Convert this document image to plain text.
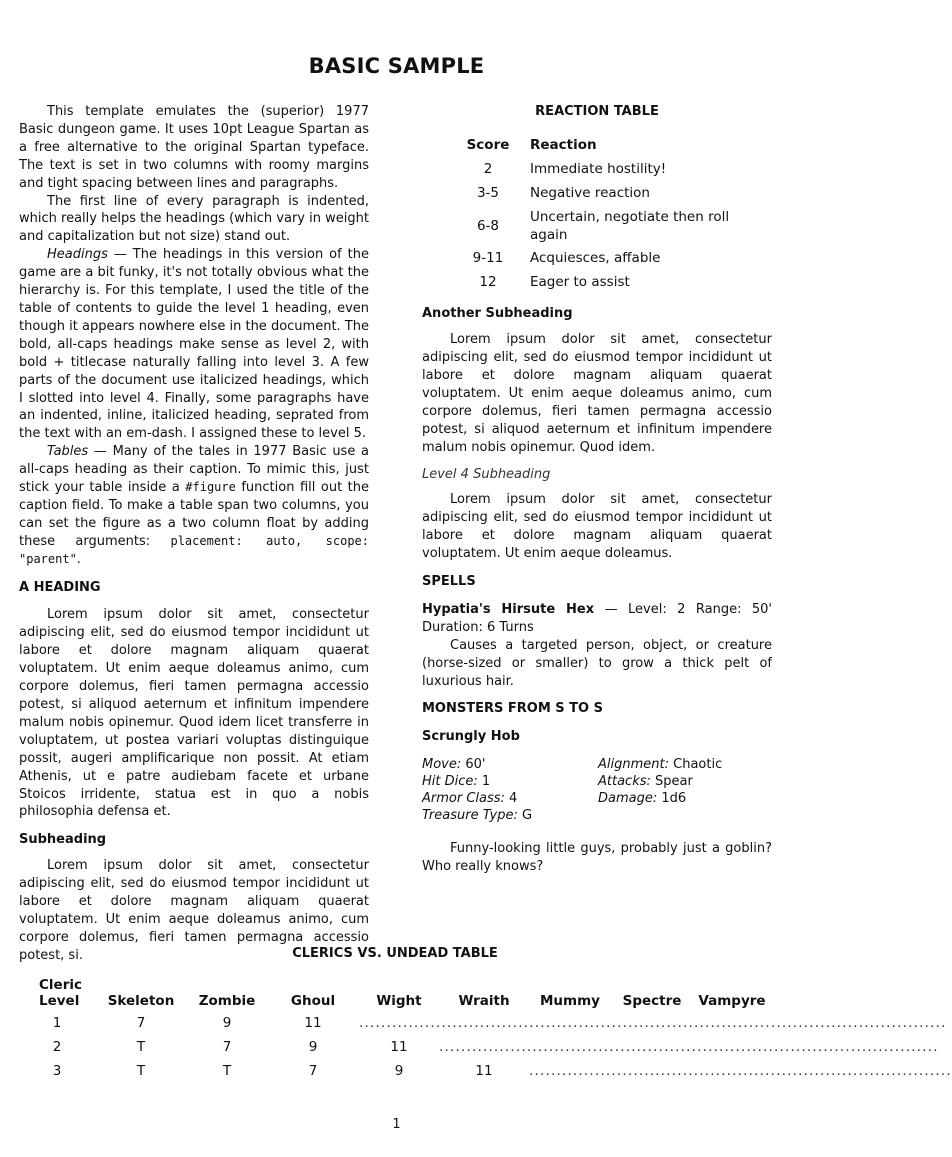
BASIC SAMPLE

This template emulates the (superior) 1977 Basic dungeon game. It uses 10pt League Spartan as a free alternative to the original Spartan typeface. The text is set in two columns with roomy margins and tight spacing between lines and paragraphs.

The first line of every paragraph is indented, which really helps the headings (which vary in weight and capitalization but not size) stand out.

Headings — The headings in this version of the game are a bit funky, it's not totally obvious what the hierarchy is. For this template, I used the title of the table of contents to guide the level 1 heading, even though it appears nowhere else in the document. The bold, all-caps headings make sense as level 2, with bold + titlecase naturally falling into level 3. A few parts of the document use italicized headings, which I slotted into level 4. Finally, some paragraphs have an indented, inline, italicized heading, seprated from the text with an em-dash. I assigned these to level 5.

Tables — Many of the tales in 1977 Basic use a all-caps heading as their caption. To mimic this, just stick your table inside a #figure function fill out the caption field. To make a table span two columns, you can set the figure as a two column float by adding these arguments: placement: auto, scope: "parent".

A HEADING

Lorem ipsum dolor sit amet, consectetur adipiscing elit, sed do eiusmod tempor incididunt ut labore et dolore magnam aliquam quaerat voluptatem. Ut enim aeque doleamus animo, cum corpore dolemus, fieri tamen permagna accessio potest, si aliquod aeternum et infinitum impendere malum nobis opinemur. Quod idem licet transferre in voluptatem, ut postea variari voluptas distinguique possit, augeri amplificarique non possit. At etiam Athenis, ut e patre audiebam facete et urbane Stoicos irridente, statua est in quo a nobis philosophia defensa et.

Subheading

Lorem ipsum dolor sit amet, consectetur adipiscing elit, sed do eiusmod tempor incididunt ut labore et dolore magnam aliquam quaerat voluptatem. Ut enim aeque doleamus animo, cum corpore dolemus, fieri tamen permagna accessio potest, si.

REACTION TABLE
Score	Reaction
2	Immediate hostility!
3-5	Negative reaction
6-8	Uncertain, negotiate then roll again
9-11	Acquiesces, affable
12	Eager to assist
Another Subheading

Lorem ipsum dolor sit amet, consectetur adipiscing elit, sed do eiusmod tempor incididunt ut labore et dolore magnam aliquam quaerat voluptatem. Ut enim aeque doleamus animo, cum corpore dolemus, fieri tamen permagna accessio potest, si aliquod aeternum et infinitum impendere malum nobis opinemur. Quod idem.

Level 4 Subheading

Lorem ipsum dolor sit amet, consectetur adipiscing elit, sed do eiusmod tempor incididunt ut labore et dolore magnam aliquam quaerat voluptatem. Ut enim aeque doleamus.

SPELLS

Hypatia's Hirsute Hex — Level: 2 Range: 50' Duration: 6 Turns

Causes a targeted person, object, or creature (horse-sized or smaller) to grow a thick pelt of luxurious hair.

MONSTERS FROM S TO S
Scrungly Hob
Move: 60'
Hit Dice: 1
Armor Class: 4
Treasure Type: G
Alignment: Chaotic
Attacks: Spear
Damage: 1d6

Funny-looking little guys, probably just a goblin? Who really knows?

CLERICS VS. UNDEAD TABLE
Cleric Level	Skeleton	Zombie	Ghoul	Wight	Wraith	Mummy	Spectre	Vampyre
1	7	9	11	...........................................................................................................				
2	T	7	9	11	...........................................................................................			
3	T	T	7	9	11	.............................................................................		
1
